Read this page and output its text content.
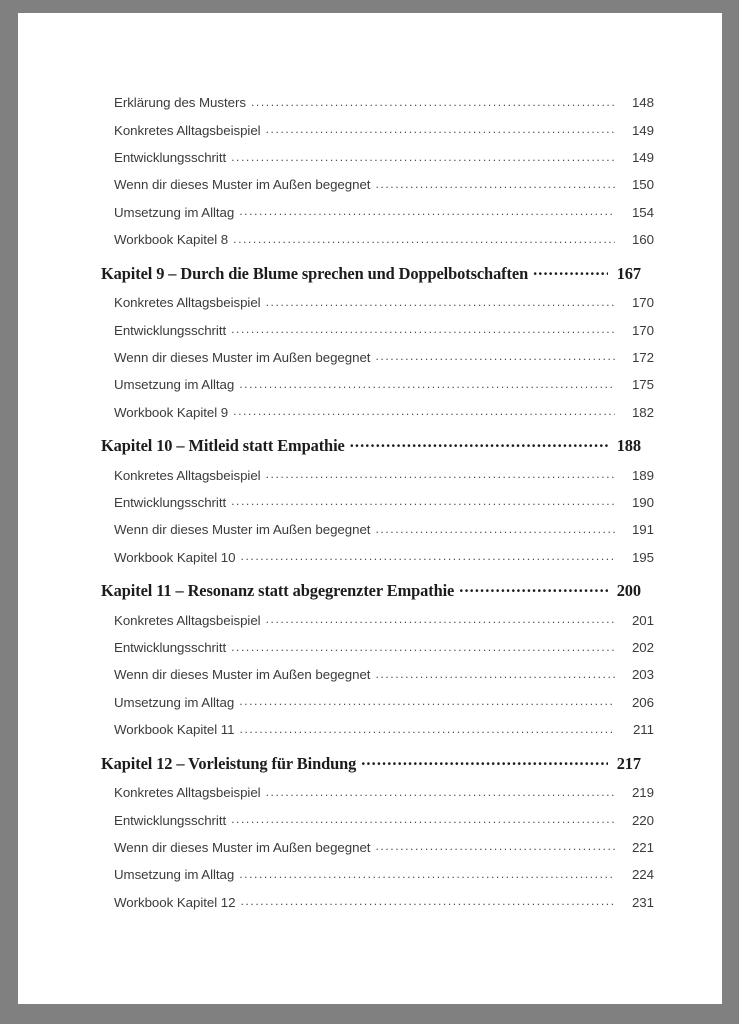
Erklärung des Musters .....	148
Konkretes Alltagsbeispiel .....	149
Entwicklungsschritt .....	149
Wenn dir dieses Muster im Außen begegnet .....	150
Umsetzung im Alltag .....	154
Workbook Kapitel 8 .....	160
Kapitel 9 – Durch die Blume sprechen und Doppelbotschaften .....	167
Konkretes Alltagsbeispiel .....	170
Entwicklungsschritt .....	170
Wenn dir dieses Muster im Außen begegnet .....	172
Umsetzung im Alltag .....	175
Workbook Kapitel 9 .....	182
Kapitel 10 – Mitleid statt Empathie .....	188
Konkretes Alltagsbeispiel .....	189
Entwicklungsschritt .....	190
Wenn dir dieses Muster im Außen begegnet .....	191
Workbook Kapitel 10 .....	195
Kapitel 11 – Resonanz statt abgegrenzter Empathie .....	200
Konkretes Alltagsbeispiel .....	201
Entwicklungsschritt .....	202
Wenn dir dieses Muster im Außen begegnet .....	203
Umsetzung im Alltag .....	206
Workbook Kapitel 11 .....	211
Kapitel 12 – Vorleistung für Bindung .....	217
Konkretes Alltagsbeispiel .....	219
Entwicklungsschritt .....	220
Wenn dir dieses Muster im Außen begegnet .....	221
Umsetzung im Alltag .....	224
Workbook Kapitel 12 .....	231
